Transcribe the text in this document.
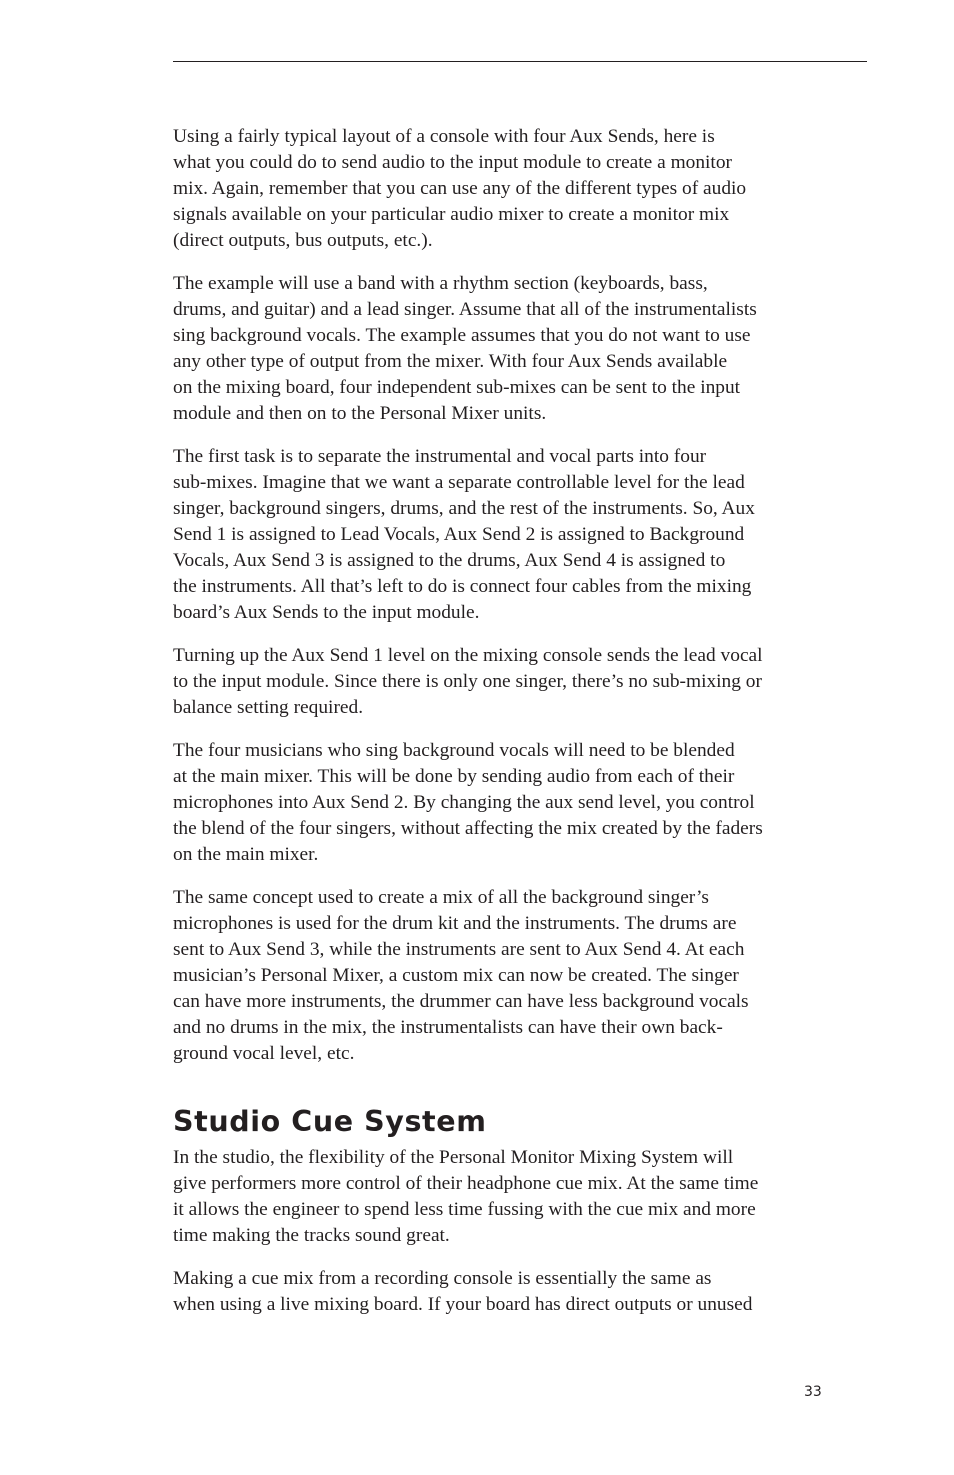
Using a fairly typical layout of a console with four Aux Sends, here is
what you could do to send audio to the input module to create a monitor
mix. Again, remember that you can use any of the different types of audio
signals available on your particular audio mixer to create a monitor mix
(direct outputs, bus outputs, etc.).

The example will use a band with a rhythm section (keyboards, bass,
drums, and guitar) and a lead singer. Assume that all of the instrumentalists
sing background vocals. The example assumes that you do not want to use
any other type of output from the mixer. With four Aux Sends available
on the mixing board, four independent sub-mixes can be sent to the input
module and then on to the Personal Mixer units.

The first task is to separate the instrumental and vocal parts into four
sub-mixes. Imagine that we want a separate controllable level for the lead
singer, background singers, drums, and the rest of the instruments. So, Aux
Send 1 is assigned to Lead Vocals, Aux Send 2 is assigned to Background
Vocals, Aux Send 3 is assigned to the drums, Aux Send 4 is assigned to
the instruments. All that’s left to do is connect four cables from the mixing
board’s Aux Sends to the input module.

Turning up the Aux Send 1 level on the mixing console sends the lead vocal
to the input module. Since there is only one singer, there’s no sub-mixing or
balance setting required.

The four musicians who sing background vocals will need to be blended
at the main mixer. This will be done by sending audio from each of their
microphones into Aux Send 2. By changing the aux send level, you control
the blend of the four singers, without affecting the mix created by the faders
on the main mixer.

The same concept used to create a mix of all the background singer’s
microphones is used for the drum kit and the instruments. The drums are
sent to Aux Send 3, while the instruments are sent to Aux Send 4. At each
musician’s Personal Mixer, a custom mix can now be created. The singer
can have more instruments, the drummer can have less background vocals
and no drums in the mix, the instrumentalists can have their own back-
ground vocal level, etc.

Studio Cue System

In the studio, the flexibility of the Personal Monitor Mixing System will
give performers more control of their headphone cue mix. At the same time
it allows the engineer to spend less time fussing with the cue mix and more
time making the tracks sound great.

Making a cue mix from a recording console is essentially the same as
when using a live mixing board. If your board has direct outputs or unused

33
